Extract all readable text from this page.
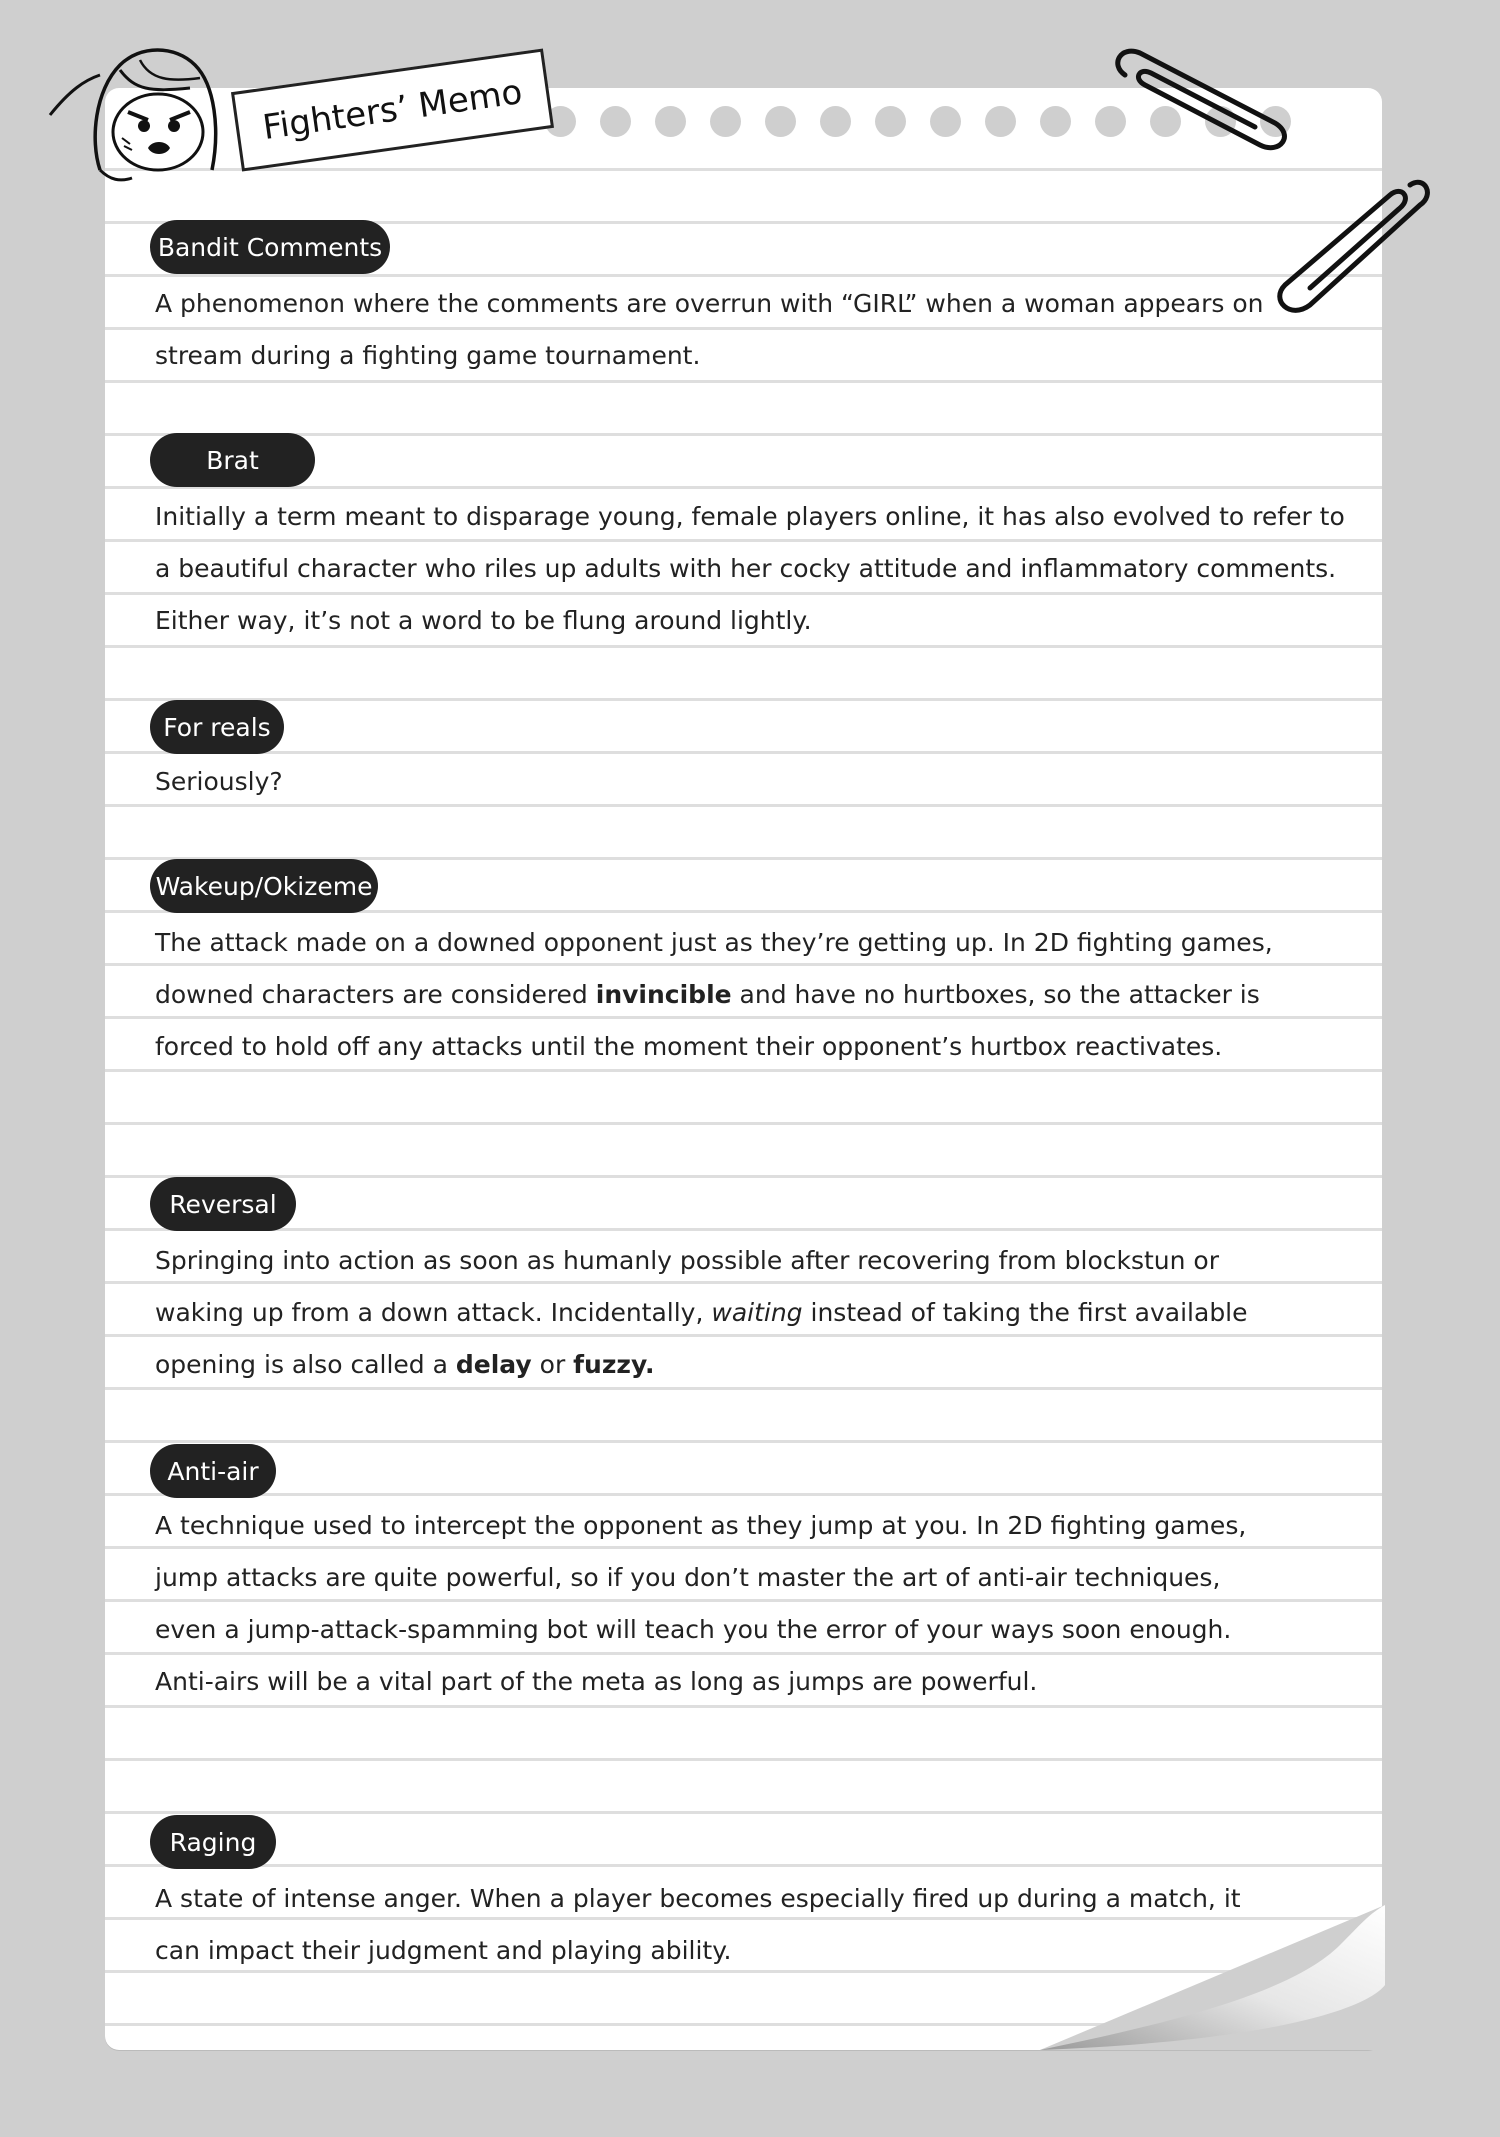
Fighters’ Memo
Bandit Comments
A phenomenon where the comments are overrun with “GIRL” when a woman appears on
stream during a fighting game tournament.
Brat
Initially a term meant to disparage young, female players online, it has also evolved to refer to
a beautiful character who riles up adults with her cocky attitude and inflammatory comments.
Either way, it’s not a word to be flung around lightly.
For reals
Seriously?
Wakeup/Okizeme
The attack made on a downed opponent just as they’re getting up. In 2D fighting games,
downed characters are considered invincible and have no hurtboxes, so the attacker is
forced to hold off any attacks until the moment their opponent’s hurtbox reactivates.
Reversal
Springing into action as soon as humanly possible after recovering from blockstun or
waking up from a down attack. Incidentally, waiting instead of taking the first available
opening is also called a delay or fuzzy.
Anti-air
A technique used to intercept the opponent as they jump at you. In 2D fighting games,
jump attacks are quite powerful, so if you don’t master the art of anti-air techniques,
even a jump-attack-spamming bot will teach you the error of your ways soon enough.
Anti-airs will be a vital part of the meta as long as jumps are powerful.
Raging
A state of intense anger. When a player becomes especially fired up during a match, it
can impact their judgment and playing ability.
